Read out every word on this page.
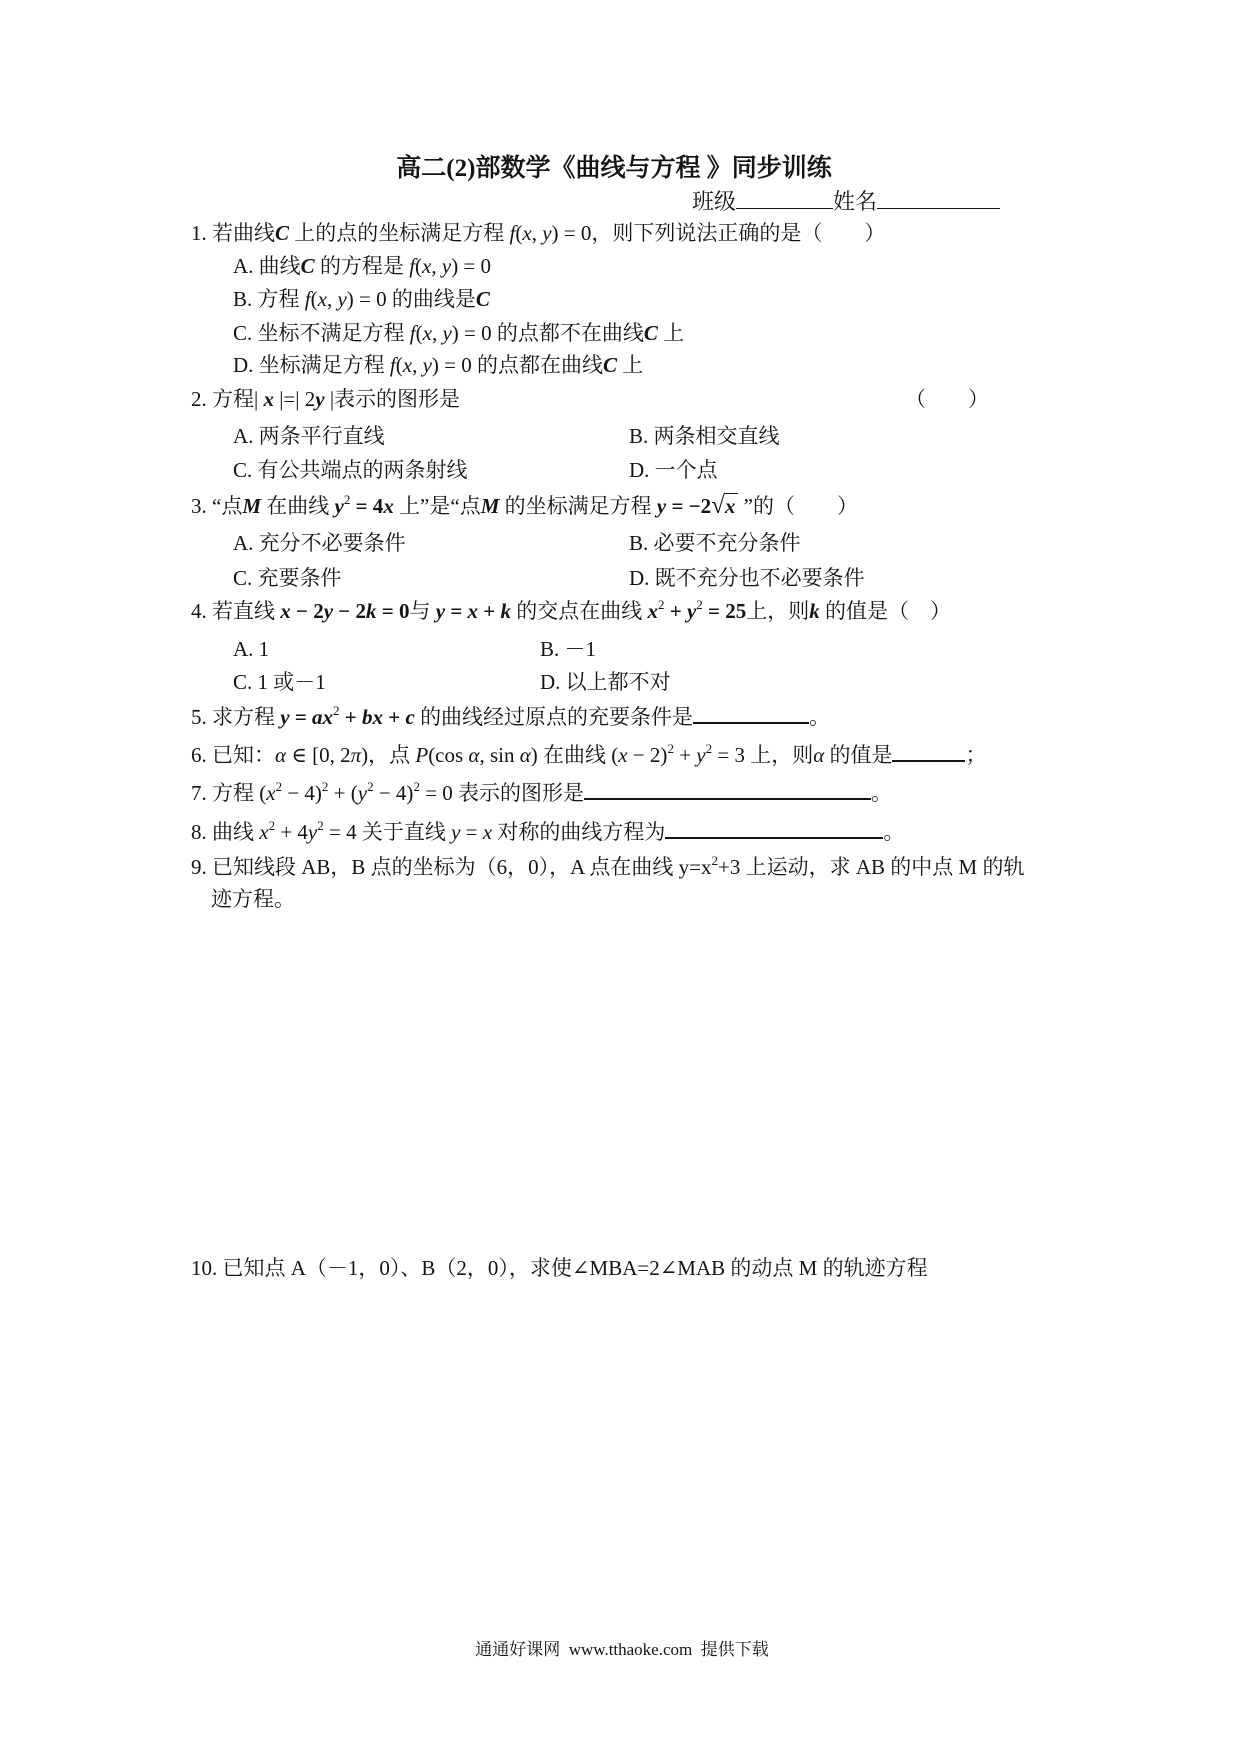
高二(2)部数学《曲线与方程 》同步训练
班级	姓名
1. 若曲线C 上的点的坐标满足方程 f(x, y) = 0，则下列说法正确的是（　　）
A. 曲线C 的方程是 f(x, y) = 0
B. 方程 f(x, y) = 0 的曲线是C
C. 坐标不满足方程 f(x, y) = 0 的点都不在曲线C 上
D. 坐标满足方程 f(x, y) = 0 的点都在曲线C 上
2. 方程| x |=| 2y |表示的图形是	（　　）
A. 两条平行直线	B. 两条相交直线
C. 有公共端点的两条射线	D. 一个点
3. “点M 在曲线 $y^2 = 4x$ 上”是“点M 的坐标满足方程 y = −2√x ”的（　　）
A. 充分不必要条件	B. 必要不充分条件
C. 充要条件	D. 既不充分也不必要条件
4. 若直线 x − 2y − 2k = 0与 y = x + k 的交点在曲线 $x^2 + y^2 = 25$上，则k 的值是（　）
A. 1	B. －1
C. 1 或－1	D. 以上都不对
5. 求方程 $y = ax^2$ + bx + c 的曲线经过原点的充要条件是	。
6. 已知：α ∈ [0, 2π)，点 P(cos α, sin α) 在曲线 $(x - 2)^2 + y^2 = 3$ 上，则α 的值是	；
7. 方程 $(x^2 - 4)^2 + (y^2 - 4)^2 = 0$ 表示的图形是	。
8. 曲线 $x^2 + 4y^2 = 4$ 关于直线 y = x 对称的曲线方程为	。
9. 已知线段 AB，B 点的坐标为（6，0），A 点在曲线 $y=x^2+3$ 上运动，求 AB 的中点 M 的轨
迹方程。
10. 已知点 A（－1，0）、B（2，0），求使∠MBA=2∠MAB 的动点 M 的轨迹方程
通通好课网  www.tthaoke.com  提供下载
